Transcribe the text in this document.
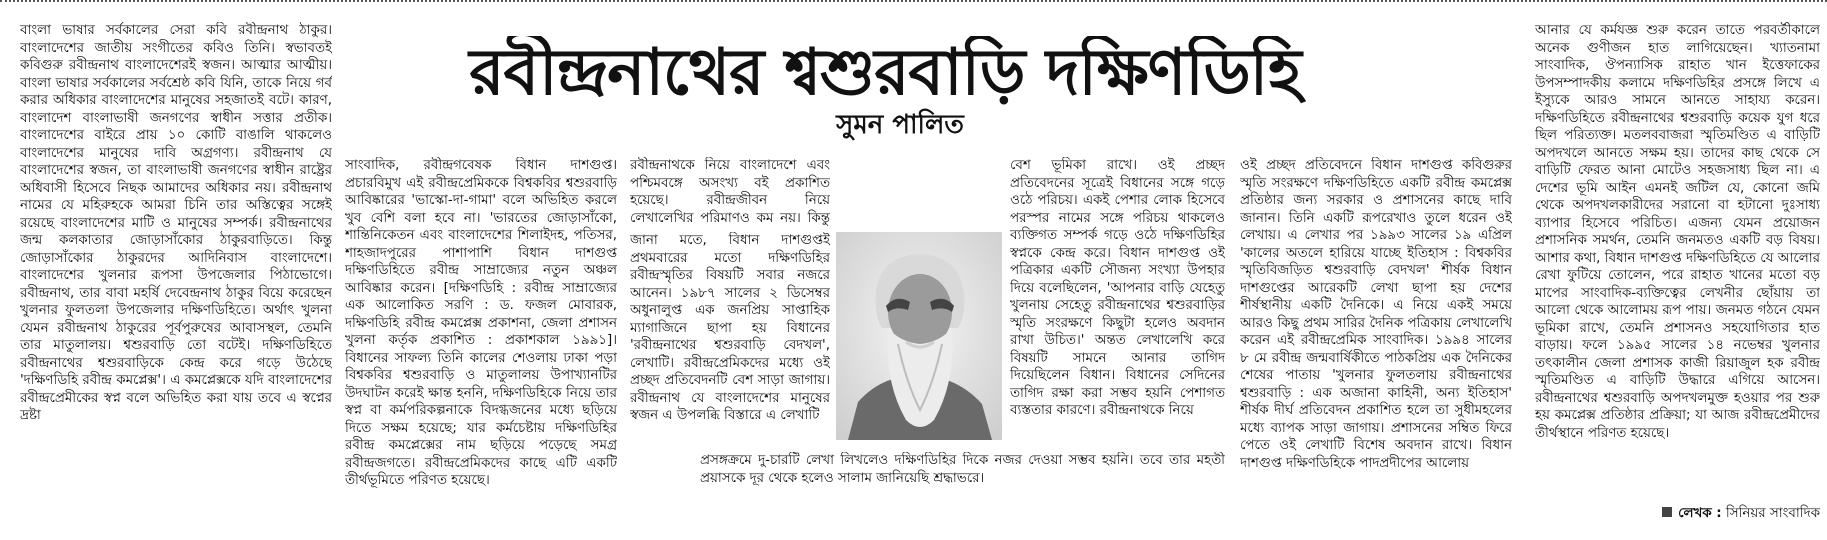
বাংলা ভাষার সর্বকালের সেরা কবি রবীন্দ্রনাথ ঠাকুর। বাংলাদেশের জাতীয় সংগীতের কবিও তিনি। স্বভাবতই কবিগুরু রবীন্দ্রনাথ বাংলাদেশেরই স্বজন। আত্মার আত্মীয়। বাংলা ভাষার সর্বকালের সর্বশ্রেষ্ঠ কবি যিনি, তাকে নিয়ে গর্ব করার অধিকার বাংলাদেশের মানুষের সহজাতই বটে। কারণ, বাংলাদেশ বাংলাভাষী জনগণের স্বাধীন সত্তার প্রতীক। বাংলাদেশের বাইরে প্রায় ১০ কোটি বাঙালি থাকলেও বাংলাদেশের মানুষের দাবি অগ্রগণ্য। রবীন্দ্রনাথ যে বাংলাদেশের স্বজন, তা বাংলাভাষী জনগণের স্বাধীন রাষ্ট্রের অধিবাসী হিসেবে নিছক আমাদের অধিকার নয়। রবীন্দ্রনাথ নামের যে মহিরুহকে আমরা চিনি তার অস্তিত্বের সঙ্গেই রয়েছে বাংলাদেশের মাটি ও মানুষের সম্পর্ক। রবীন্দ্রনাথের জন্ম কলকাতার জোড়াসাঁকোর ঠাকুরবাড়িতে। কিন্তু জোড়াসাঁকোর ঠাকুরদের আদিনিবাস বাংলাদেশে। বাংলাদেশের খুলনার রূপসা উপজেলার পিঠাভোগে। রবীন্দ্রনাথ, তার বাবা মহর্ষি দেবেন্দ্রনাথ ঠাকুর বিয়ে করেছেন খুলনার ফুলতলা উপজেলার দক্ষিণডিহিতে। অর্থাৎ খুলনা যেমন রবীন্দ্রনাথ ঠাকুরের পূর্বপুরুষের আবাসস্থল, তেমনি তার মাতুলালয়। শ্বশুরবাড়ি তো বটেই। দক্ষিণডিহিতে রবীন্দ্রনাথের শ্বশুরবাড়িকে কেন্দ্র করে গড়ে উঠেছে 'দক্ষিণডিহি রবীন্দ্র কমপ্লেক্স'। এ কমপ্লেক্সকে যদি বাংলাদেশের রবীন্দ্রপ্রেমীকের স্বপ্ন বলে অভিহিত করা যায় তবে এ স্বপ্নের দ্রষ্টা

রবীন্দ্রনাথের শ্বশুরবাড়ি দক্ষিণডিহি
সুমন পালিত

সাংবাদিক, রবীন্দ্রগবেষক বিধান দাশগুপ্ত। প্রচারবিমুখ এই রবীন্দ্রপ্রেমিককে বিশ্বকবির শ্বশুরবাড়ি আবিষ্কারের 'ভাস্কো-দা-গামা' বলে অভিহিত করলে খুব বেশি বলা হবে না। 'ভারতের জোড়াসাঁকো, শান্তিনিকেতন এবং বাংলাদেশের শিলাইদহ, পতিসর, শাহজাদপুরের পাশাপাশি বিধান দাশগুপ্ত দক্ষিণডিহিতে রবীন্দ্র সাম্রাজ্যের নতুন অঞ্চল আবিষ্কার করেন। [দক্ষিণডিহি : রবীন্দ্র সাম্রাজ্যের এক আলোকিত সরণি : ড. ফজল মোবারক, দক্ষিণডিহি রবীন্দ্র কমপ্লেক্স প্রকাশনা, জেলা প্রশাসন খুলনা কর্তৃক প্রকাশিত : প্রকাশকাল ১৯৯১]। বিধানের সাফল্য তিনি কালের শেওলায় ঢাকা পড়া বিশ্বকবির শ্বশুরবাড়ি ও মাতুলালয় উপাখ্যানটির উদঘাটন করেই ক্ষান্ত হননি, দক্ষিণডিহিকে নিয়ে তার স্বপ্ন বা কর্মপরিকল্পনাকে বিদগ্ধজনের মধ্যে ছড়িয়ে দিতে সক্ষম হয়েছে; যার কর্মচেষ্টায় দক্ষিণডিহির রবীন্দ্র কমপ্লেক্সের নাম ছড়িয়ে পড়েছে সমগ্র রবীন্দ্রজগতে। রবীন্দ্রপ্রেমিকদের কাছে এটি একটি তীর্থভূমিতে পরিণত হয়েছে।

রবীন্দ্রনাথকে নিয়ে বাংলাদেশে এবং পশ্চিমবঙ্গে অসংখ্য বই প্রকাশিত হয়েছে। রবীন্দ্রজীবন নিয়ে লেখালেখির পরিমাণও কম নয়। কিন্তু

জানা মতে, বিধান দাশগুপ্তই প্রথমবারের মতো দক্ষিণডিহির রবীন্দ্রস্মৃতির বিষয়টি সবার নজরে আনেন। ১৯৮৭ সালের ২ ডিসেম্বর অধুনালুপ্ত এক জনপ্রিয় সাপ্তাহিক ম্যাগাজিনে ছাপা হয় বিধানের 'রবীন্দ্রনাথের শ্বশুরবাড়ি বেদখল', লেখাটি। রবীন্দ্রপ্রেমিকদের মধ্যে ওই প্রচ্ছদ প্রতিবেদনটি বেশ সাড়া জাগায়। রবীন্দ্রনাথ যে বাংলাদেশের মানুষের স্বজন এ উপলব্ধি বিস্তারে এ লেখাটি

বেশ ভূমিকা রাখে। ওই প্রচ্ছদ প্রতিবেদনের সূত্রেই বিধানের সঙ্গে গড়ে ওঠে পরিচয়। একই পেশার লোক হিসেবে পরস্পর নামের সঙ্গে পরিচয় থাকলেও ব্যক্তিগত সম্পর্ক গড়ে ওঠে দক্ষিণডিহির স্বপ্নকে কেন্দ্র করে। বিধান দাশগুপ্ত ওই পত্রিকার একটি সৌজন্য সংখ্যা উপহার দিয়ে বলেছিলেন, 'আপনার বাড়ি যেহেতু খুলনায় সেহেতু রবীন্দ্রনাথের শ্বশুরবাড়ির স্মৃতি সংরক্ষণে কিছুটা হলেও অবদান রাখা উচিত।' অন্তত লেখালেখি করে বিষয়টি সামনে আনার তাগিদ দিয়েছিলেন বিধান। বিধানের সেদিনের তাগিদ রক্ষা করা সম্ভব হয়নি পেশাগত ব্যস্ততার কারণে। রবীন্দ্রনাথকে নিয়ে

প্রসঙ্গক্রমে দু-চারটি লেখা লিখলেও দক্ষিণডিহির দিকে নজর দেওয়া সম্ভব হয়নি। তবে তার মহতী প্রয়াসকে দূর থেকে হলেও সালাম জানিয়েছি শ্রদ্ধাভরে।

ওই প্রচ্ছদ প্রতিবেদনে বিধান দাশগুপ্ত কবিগুরুর স্মৃতি সংরক্ষণে দক্ষিণডিহিতে একটি রবীন্দ্র কমপ্লেক্স প্রতিষ্ঠার জন্য সরকার ও প্রশাসনের কাছে দাবি জানান। তিনি একটি রূপরেখাও তুলে ধরেন ওই লেখায়। এ লেখার পর ১৯৯৩ সালের ১৯ এপ্রিল 'কালের অতলে হারিয়ে যাচ্ছে ইতিহাস : বিশ্বকবির স্মৃতিবিজড়িত শ্বশুরবাড়ি বেদখল' শীর্ষক বিধান দাশগুপ্তের আরেকটি লেখা ছাপা হয় দেশের শীর্ষস্থানীয় একটি দৈনিকে। এ নিয়ে একই সময়ে আরও কিছু প্রথম সারির দৈনিক পত্রিকায় লেখালেখি করেন এই রবীন্দ্রপ্রেমিক সাংবাদিক। ১৯৯৪ সালের ৮ মে রবীন্দ্র জন্মবার্ষিকীতে পাঠকপ্রিয় এক দৈনিকের শেষের পাতায় 'খুলনার ফুলতলায় রবীন্দ্রনাথের শ্বশুরবাড়ি : এক অজানা কাহিনী, অন্য ইতিহাস' শীর্ষক দীর্ঘ প্রতিবেদন প্রকাশিত হলে তা সুধীমহলের মধ্যে ব্যাপক সাড়া জাগায়। প্রশাসনের সম্বিত ফিরে পেতে ওই লেখাটি বিশেষ অবদান রাখে। বিধান দাশগুপ্ত দক্ষিণডিহিকে পাদপ্রদীপের আলোয়

আনার যে কর্মযজ্ঞ শুরু করেন তাতে পরবর্তীকালে অনেক গুণীজন হাত লাগিয়েছেন। খ্যাতনামা সাংবাদিক, ঔপন্যাসিক রাহাত খান ইত্তেফাকের উপসম্পাদকীয় কলামে দক্ষিণডিহির প্রসঙ্গে লিখে এ ইস্যুকে আরও সামনে আনতে সাহায্য করেন। দক্ষিণডিহিতে রবীন্দ্রনাথের শ্বশুরবাড়ি কয়েক যুগ ধরে ছিল পরিত্যক্ত। মতলববাজরা স্মৃতিমণ্ডিত এ বাড়িটি অপদখলে আনতে সক্ষম হয়। তাদের কাছ থেকে সে বাড়িটি ফেরত আনা মোটেও সহজসাধ্য ছিল না। এ দেশের ভূমি আইন এমনই জটিল যে, কোনো জমি থেকে অপদখলকারীদের সরানো বা হটানো দুঃসাধ্য ব্যাপার হিসেবে পরিচিত। এজন্য যেমন প্রয়োজন প্রশাসনিক সমর্থন, তেমনি জনমতও একটি বড় বিষয়। আশার কথা, বিধান দাশগুপ্ত দক্ষিণডিহিতে যে আলোর রেখা ফুটিয়ে তোলেন, পরে রাহাত খানের মতো বড় মাপের সাংবাদিক-ব্যক্তিত্বের লেখনীর ছোঁয়ায় তা আলো থেকে আলোময় রূপ পায়। জনমত গঠনে যেমন ভূমিকা রাখে, তেমনি প্রশাসনও সহযোগিতার হাত বাড়ায়। ফলে ১৯৯৫ সালের ১৪ নভেম্বর খুলনার তৎকালীন জেলা প্রশাসক কাজী রিয়াজুল হক রবীন্দ্র স্মৃতিমণ্ডিত এ বাড়িটি উদ্ধারে এগিয়ে আসেন। রবীন্দ্রনাথের শ্বশুরবাড়ি অপদখলমুক্ত হওয়ার পর শুরু হয় কমপ্লেক্স প্রতিষ্ঠার প্রক্রিয়া; যা আজ রবীন্দ্রপ্রেমীদের তীর্থস্থানে পরিণত হয়েছে।

লেখক : সিনিয়র সাংবাদিক
